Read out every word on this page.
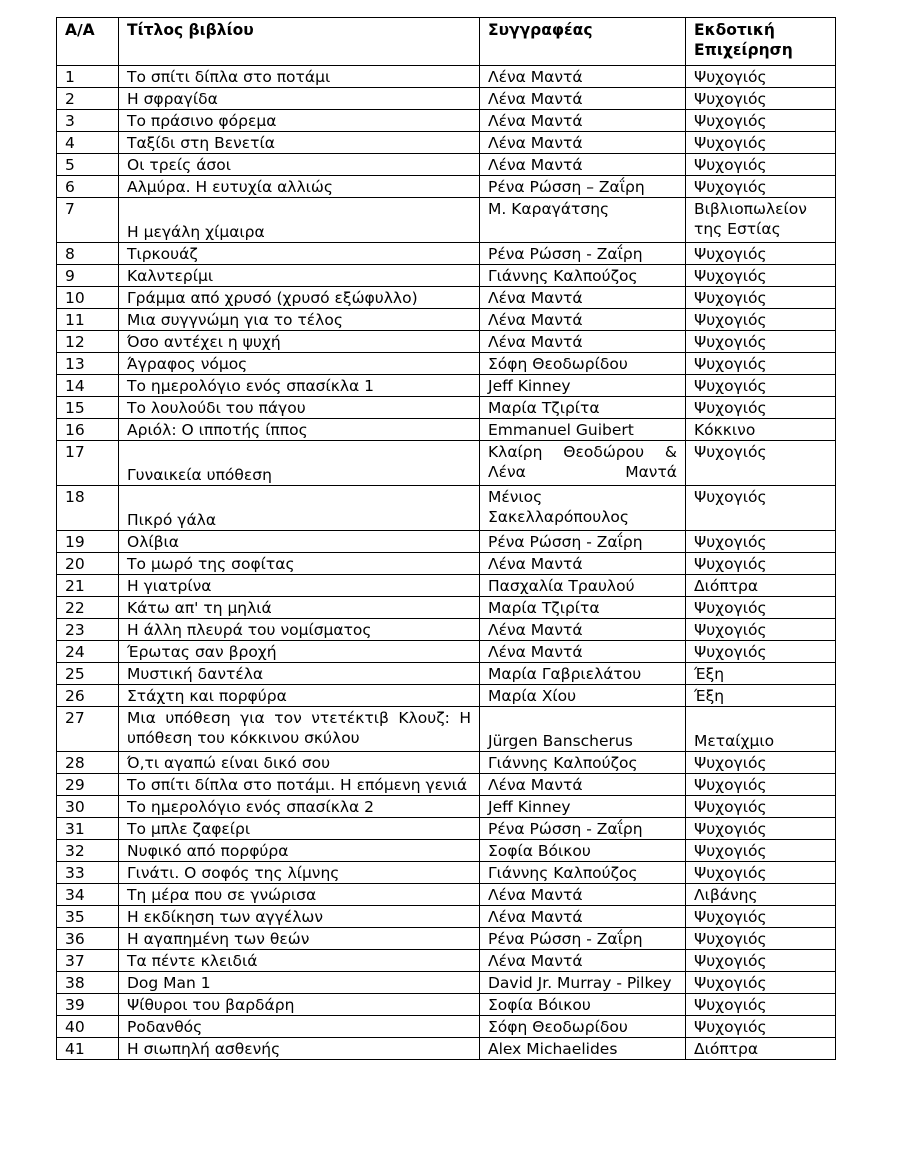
Α/Α	Τίτλος βιβλίου	Συγγραφέας	Εκδοτική
Επιχείρηση

1	Το σπίτι δίπλα στο ποτάμι	Λένα Μαντά	Ψυχογιός

2	Η σφραγίδα	Λένα Μαντά	Ψυχογιός

3	Το πράσινο φόρεμα	Λένα Μαντά	Ψυχογιός

4	Ταξίδι στη Βενετία	Λένα Μαντά	Ψυχογιός

5	Οι τρείς άσοι	Λένα Μαντά	Ψυχογιός

6	Αλμύρα. Η ευτυχία αλλιώς	Ρένα Ρώσση – Ζαΐρη	Ψυχογιός

7	Η μεγάλη χίμαιρα	Μ. Καραγάτσης	Βιβλιοπωλείον
της Εστίας

8	Τιρκουάζ	Ρένα Ρώσση - Ζαΐρη	Ψυχογιός

9	Καλντερίμι	Γιάννης Καλπούζος	Ψυχογιός

10	Γράμμα από χρυσό (χρυσό εξώφυλλο)	Λένα Μαντά	Ψυχογιός

11	Μια συγγνώμη για το τέλος	Λένα Μαντά	Ψυχογιός

12	Όσο αντέχει η ψυχή	Λένα Μαντά	Ψυχογιός

13	Άγραφος νόμος	Σόφη Θεοδωρίδου	Ψυχογιός

14	Το ημερολόγιο ενός σπασίκλα 1	Jeff Kinney	Ψυχογιός

15	Το λουλούδι του πάγου	Μαρία Τζιρίτα	Ψυχογιός

16	Αριόλ: Ο ιπποτής ίππος	Emmanuel Guibert	Κόκκινο

17	Γυναικεία υπόθεση	Κλαίρη Θεοδώρου &
Λένα Μαντά	Ψυχογιός

18	Πικρό γάλα	Μένιος
Σακελλαρόπουλος	Ψυχογιός

19	Ολίβια	Ρένα Ρώσση - Ζαΐρη	Ψυχογιός

20	Το μωρό της σοφίτας	Λένα Μαντά	Ψυχογιός

21	Η γιατρίνα	Πασχαλία Τραυλού	Διόπτρα

22	Κάτω απ' τη μηλιά	Μαρία Τζιρίτα	Ψυχογιός

23	Η άλλη πλευρά του νομίσματος	Λένα Μαντά	Ψυχογιός

24	Έρωτας σαν βροχή	Λένα Μαντά	Ψυχογιός

25	Μυστική δαντέλα	Μαρία Γαβριελάτου	Έξη

26	Στάχτη και πορφύρα	Μαρία Χίου	Έξη

27	Μια υπόθεση για τον ντετέκτιβ Κλουζ: Η
υπόθεση του κόκκινου σκύλου	Jürgen Banscherus	Μεταίχμιο

28	Ό,τι αγαπώ είναι δικό σου	Γιάννης Καλπούζος	Ψυχογιός

29	Το σπίτι δίπλα στο ποτάμι. Η επόμενη γενιά	Λένα Μαντά	Ψυχογιός

30	Το ημερολόγιο ενός σπασίκλα 2	Jeff Kinney	Ψυχογιός

31	Το μπλε ζαφείρι	Ρένα Ρώσση - Ζαΐρη	Ψυχογιός

32	Νυφικό από πορφύρα	Σοφία Βόικου	Ψυχογιός

33	Γινάτι. Ο σοφός της λίμνης	Γιάννης Καλπούζος	Ψυχογιός

34	Τη μέρα που σε γνώρισα	Λένα Μαντά	Λιβάνης

35	Η εκδίκηση των αγγέλων	Λένα Μαντά	Ψυχογιός

36	Η αγαπημένη των θεών	Ρένα Ρώσση - Ζαΐρη	Ψυχογιός

37	Τα πέντε κλειδιά	Λένα Μαντά	Ψυχογιός

38	Dog Man 1	David Jr. Murray - Pilkey	Ψυχογιός

39	Ψίθυροι του βαρδάρη	Σοφία Βόικου	Ψυχογιός

40	Ροδανθός	Σόφη Θεοδωρίδου	Ψυχογιός

41	Η σιωπηλή ασθενής	Alex Michaelides	Διόπτρα
